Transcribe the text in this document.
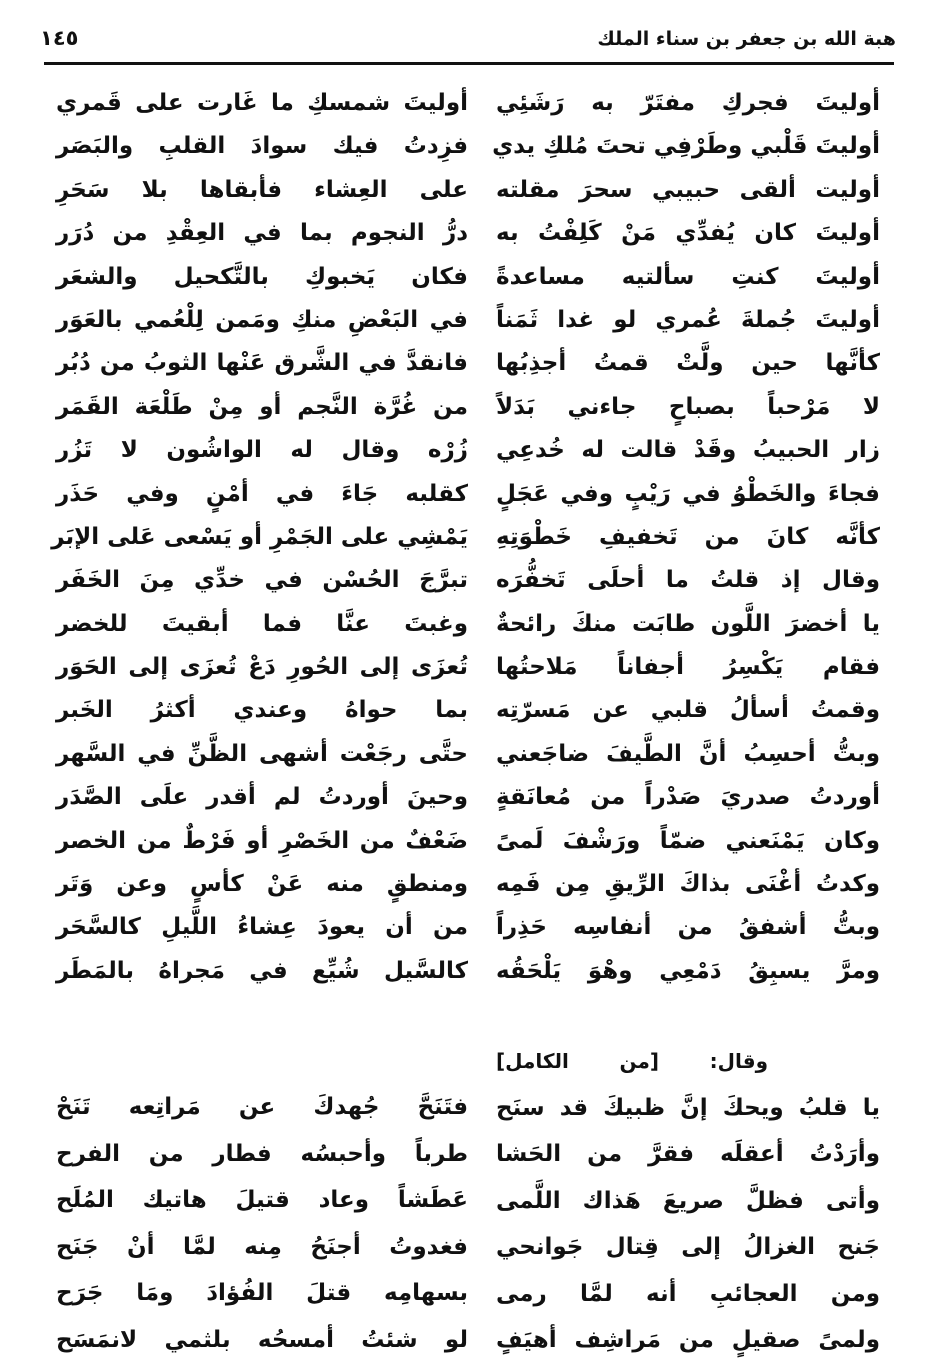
هبة الله بن جعفر بن سناء الملك
١٤٥
أوليتَ فجركِ مفتَرّ به رَشَئِي
أوليتَ قَلْبي وطَرْفِي تحتَ مُلكِ يدي
أوليت ألقى حبيبي سحرَ مقلته
أوليتَ كان يُفدِّي مَنْ كَلِفْتُ به
أوليتَ كنتِ سألتيه مساعدةً
أوليتَ جُملةَ عُمري لو غدا ثَمَناً
كأنَّها حين ولَّتْ قمتُ أجذِبُها
لا مَرْحباً بصباحٍ جاءني بَدَلاً
زار الحبيبُ وقَدْ قالت له خُدعِي
فجاءَ والخَطْوُ في رَيْبٍ وفي عَجَلٍ
كأنَّه كانَ من تَخفيفِ خَطْوَتِهِ
وقال إذ قلتُ ما أحلَى تَخفُّرَه
يا أخضرَ اللَّون طابَت منكَ رائحةٌ
فقام يَكْسِرُ أجفاناً مَلاحتُها
وقمتُ أسألُ قلبي عن مَسرّتِه
وبتُّ أحسِبُ أنَّ الطَّيفَ ضاجَعني
أوردتُ صدريَ صَدْراً من مُعانَقةٍ
وكان يَمْنَعني ضمّاً ورَشْفَ لَمىً
وكدتُ أغْنَى بذاكَ الرِّيقِ مِن فَمِه
وبتُّ أشفقُ من أنفاسِه حَذِراً
ومرَّ يسبِقُ دَمْعِي وهْوَ يَلْحَقُه
أوليتَ شمسكِ ما غَارت على قَمري
فزِدتُ فيك سوادَ القلبِ والبَصَر
على العِشاء فأبقاها بلا سَحَرِ
درُّ النجوم بما في العِقْدِ من دُرَر
فكان يَخبوكِ بالتَّكحيل والشعَر
في البَعْضِ منكِ ومَمن لِلْعُمي بالعَوَر
فانقدَّ في الشَّرق عَنْها الثوبُ من دُبُر
من غُرَّة النَّجم أو مِنْ طَلْعَة القَمَر
زُرْه وقال له الواشُون لا تَزُر
كقلبه جَاءَ في أمْنٍ وفي حَذَر
يَمْشِي على الجَمْرِ أو يَسْعى عَلى الإبَر
تبرَّجَ الحُسْن في خدِّي مِنَ الخَفَر
وغبتَ عنَّا فما أبقيتَ للخضر
تُعزَى إلى الحُورِ دَعْ تُعزَى إلى الحَوَر
بما حواهُ وعندي أكثرُ الخَبر
حتَّى رجَعْت أشهى الظَّنِّ في السَّهر
وحينَ أوردتُ لم أقدر علَى الصَّدَر
ضَعْفٌ من الخَصْرِ أو فَرْطٌ من الخصر
ومنطقٍ منه عَنْ كأسٍ وعن وَتَر
من أن يعودَ عِشاءُ اللَّيلِ كالسَّحَر
كالسَّيل شُيِّع في مَجراهُ بالمَطَر
وقال: [من الكامل]
يا قلبُ ويحكَ إنَّ ظبيكَ قد سنَح
وأرَدْتُ أعقلَه فقرَّ من الحَشا
وأتى فظلَّ صريعَ هَذاك اللَّمى
جَنح الغزالُ إلى قِتال جَوانحي
ومن العجائبِ أنه لمَّا رمى
ولمىً صقيلٍ من مَراشِف أهيَفٍ
فتَنَحَّ جُهدكَ عن مَراتِعه تَنَحْ
طرباً وأحبسُه فطار من الفرح
عَطَشاً وعاد قتيلَ هاتيك المُلَح
فغدوتُ أجنَحُ مِنه لمَّا أنْ جَنَح
بسهامِه قتلَ الفُؤادَ ومَا جَرَح
لو شئتُ أمسحُه بلثمي لانمَسَح
